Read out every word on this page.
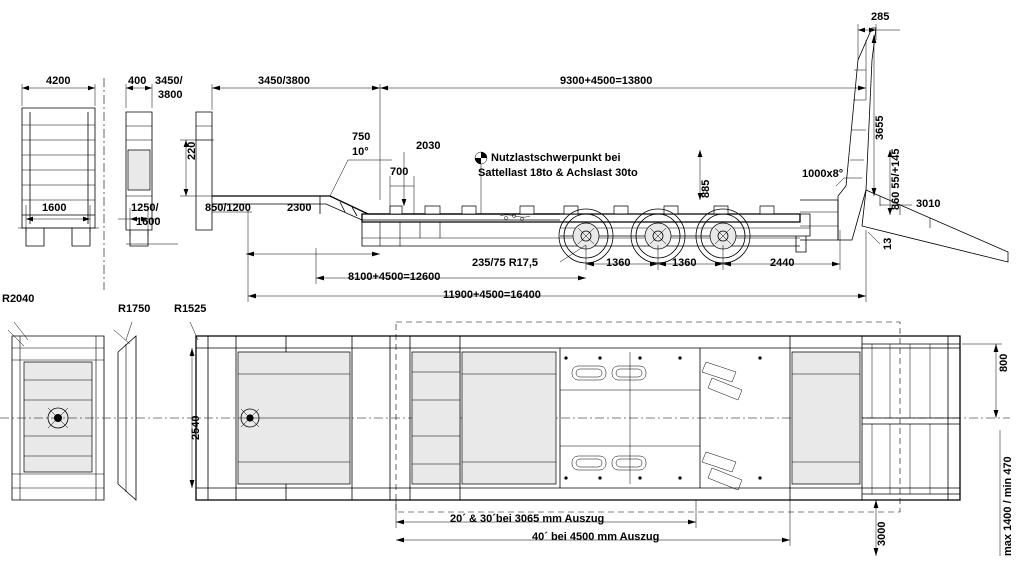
4200	400 3450/
3800
3450/3800	9300+4500=13800
285
3655
860 55/+145
220
750
10°	2030
700
885
1000x8°
3010
1600	1250/
1600
850/1200	2300
13
235/75 R17,5	1360	1360	2440
8100+4500=12600
11900+4500=16400
Nutzlastschwerpunkt bei
Sattellast 18to & Achslast 30to
R2040
R1750 R1525
2540
800
3000	max 1400 / min 470
20´ & 30´bei 3065 mm Auszug
40´ bei 4500 mm Auszug
